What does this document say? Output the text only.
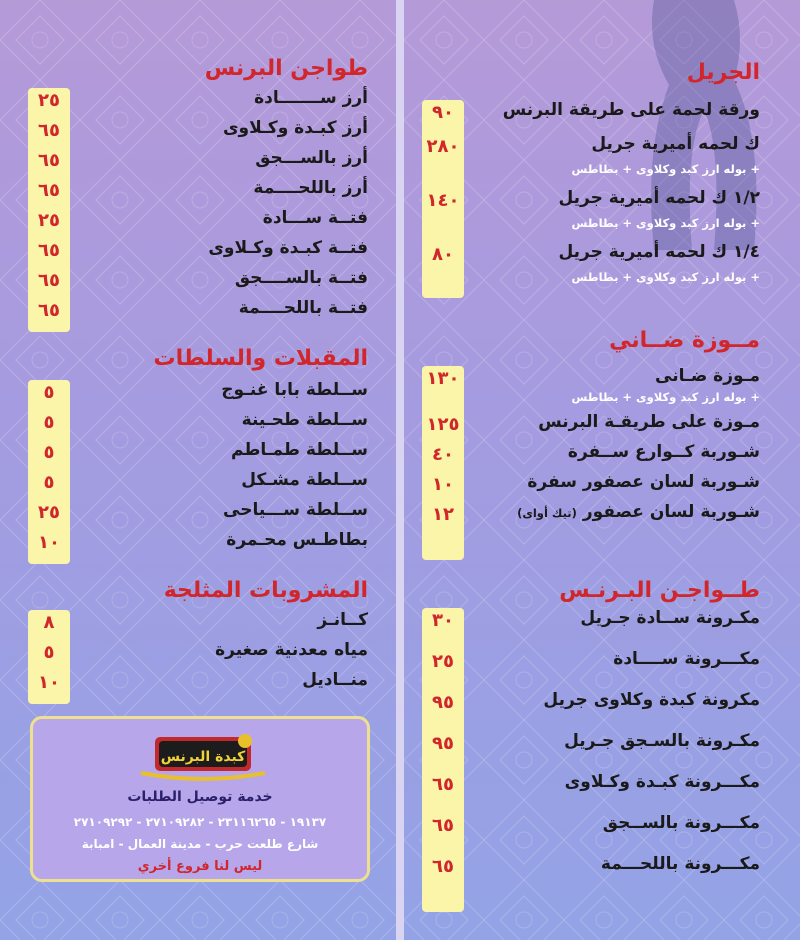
طواجن البرنس
٢٥
٦٥
٦٥
٦٥
٢٥
٦٥
٦٥
٦٥
أرز ســـــــادة
أرز كبـدة وكـلاوى
أرز بالســـجق
أرز باللحــــمة
فتــة ســـادة
فتــة كبـدة وكـلاوى
فتــة بالســــجق
فتــة باللحــــمة
المقبلات والسلطات
٥
٥
٥
٥
٢٥
١٠
ســلطة بابا غنـوج
ســلطة طحـينة
ســلطة طمـاطم
ســلطة مشـكل
ســلطة ســـياحى
بطاطـس محـمرة
المشروبات المثلجة
٨
٥
١٠
كــانـز
مياه معدنية صغيرة
منــاديل
كبدة البرنس
خدمة توصيل الطلبات
١٩١٣٧ - ٢٣١١٦٢٦٥ - ٢٧١٠٩٢٨٢ - ٢٧١٠٩٢٩٢
شارع طلعت حرب - مدينة العمال - امبابة
ليس لنا فروع أخري
الجريل
٩٠
٢٨٠
١٤٠
٨٠
ورقة لحمة على طريقة البرنس
ك لحمه أميرية جريل
+ بوله ارز كبد وكلاوى + بطاطس
١/٢ ك لحمه أميرية جريل
+ بوله ارز كبد وكلاوى + بطاطس
١/٤ ك لحمه أميرية جريل
+ بوله ارز كبد وكلاوى + بطاطس
مــوزة ضــاني
١٣٠
١٢٥
٤٠
١٠
١٢
مـوزة ضـانى
+ بوله ارز كبد وكلاوى + بطاطس
مـوزة على طريقـة البرنس
شـوربة كــوارع ســفرة
شـوربة لسان عصفور سفرة
شـوربة لسان عصفور(تيك أواى)
طــواجـن البـرنـس
٣٠
٢٥
٩٥
٩٥
٦٥
٦٥
٦٥
مكـرونة ســادة جـريل
مكـــرونة ســــادة
مكرونة كبدة وكلاوى جريل
مكـرونة بالسـجق جـريل
مكـــرونة كبـدة وكـلاوى
مكـــرونة بالســجق
مكـــرونة باللحـــمة
